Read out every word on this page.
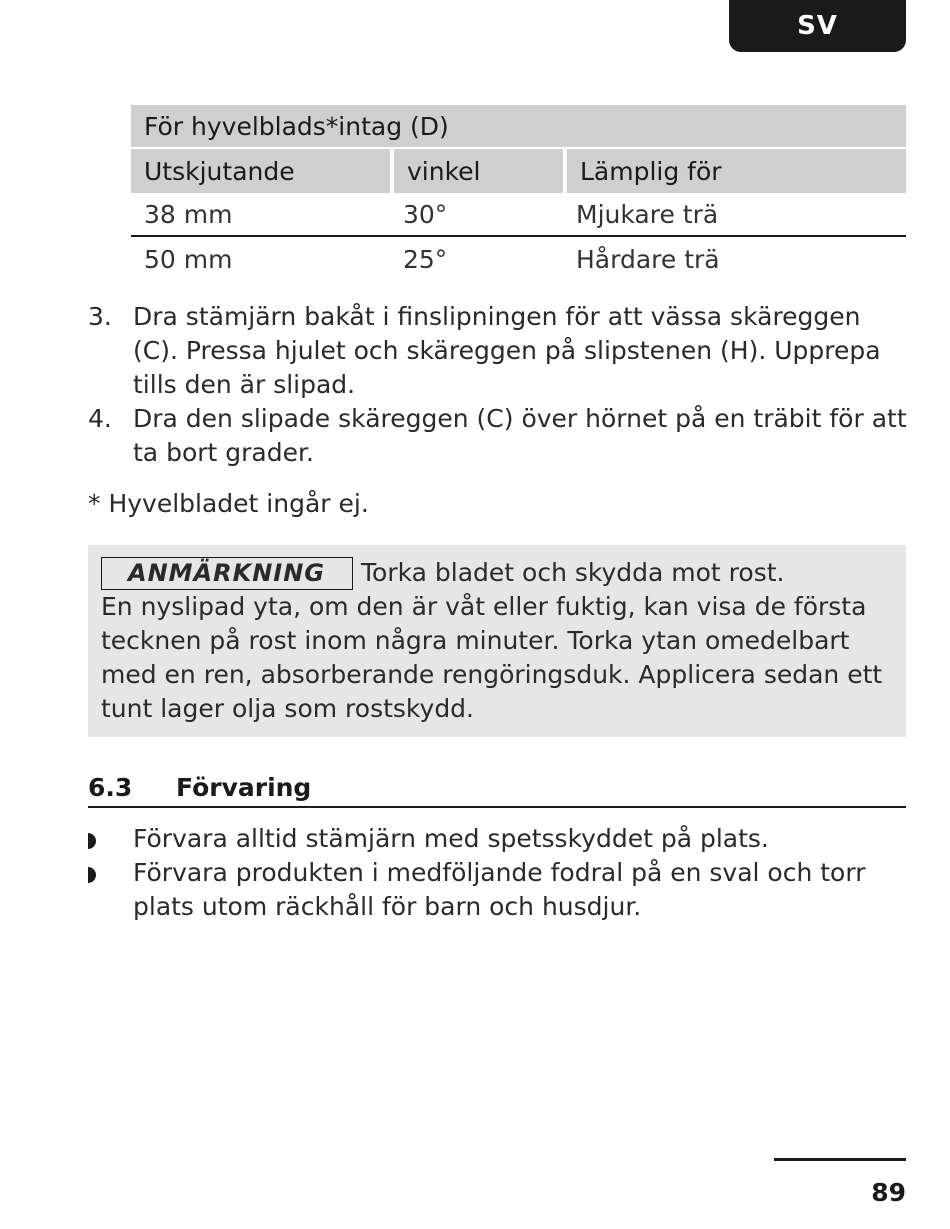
SV
För hyvelblads*intag (D)		
Utskjutande	vinkel	Lämplig för
38 mm	30°	Mjukare trä
50 mm	25°	Hårdare trä
3. Dra stämjärn bakåt i finslipningen för att vässa skäreggen (C). Pressa hjulet och skäreggen på slipstenen (H). Upprepa tills den är slipad.
4. Dra den slipade skäreggen (C) över hörnet på en träbit för att ta bort grader.
* Hyvelbladet ingår ej.
ANMÄRKNING Torka bladet och skydda mot rost.
En nyslipad yta, om den är våt eller fuktig, kan visa de första tecknen på rost inom några minuter. Torka ytan omedelbart med en ren, absorberande rengöringsduk. Applicera sedan ett tunt lager olja som rostskydd.
6.3 Förvaring
Förvara alltid stämjärn med spetsskyddet på plats.
Förvara produkten i medföljande fodral på en sval och torr plats utom räckhåll för barn och husdjur.
89
